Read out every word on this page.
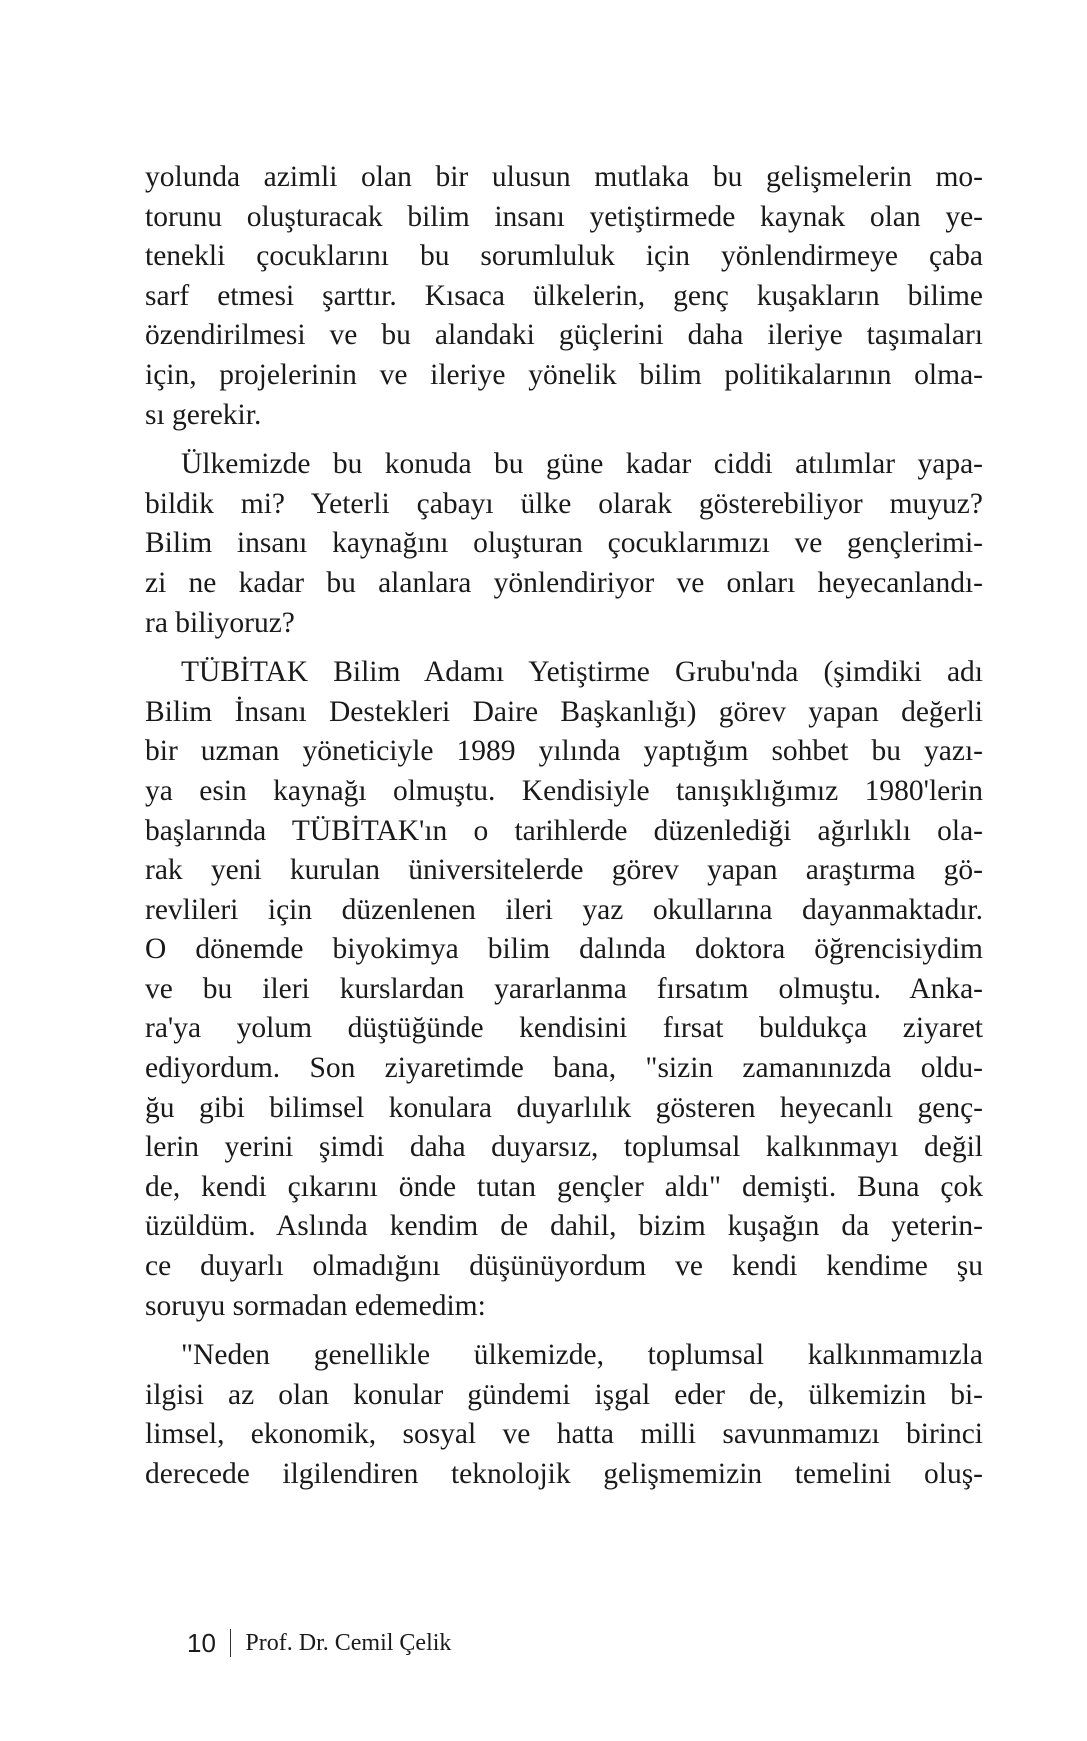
yolunda azimli olan bir ulusun mutlaka bu gelişmelerin mo-
torunu oluşturacak bilim insanı yetiştirmede kaynak olan ye-
tenekli çocuklarını bu sorumluluk için yönlendirmeye çaba
sarf etmesi şarttır. Kısaca ülkelerin, genç kuşakların bilime
özendirilmesi ve bu alandaki güçlerini daha ileriye taşımaları
için, projelerinin ve ileriye yönelik bilim politikalarının olma-
sı gerekir.
Ülkemizde bu konuda bu güne kadar ciddi atılımlar yapa-
bildik mi? Yeterli çabayı ülke olarak gösterebiliyor muyuz?
Bilim insanı kaynağını oluşturan çocuklarımızı ve gençlerimi-
zi ne kadar bu alanlara yönlendiriyor ve onları heyecanlandı-
ra biliyoruz?
TÜBİTAK Bilim Adamı Yetiştirme Grubu'nda (şimdiki adı
Bilim İnsanı Destekleri Daire Başkanlığı) görev yapan değerli
bir uzman yöneticiyle 1989 yılında yaptığım sohbet bu yazı-
ya esin kaynağı olmuştu. Kendisiyle tanışıklığımız 1980'lerin
başlarında TÜBİTAK'ın o tarihlerde düzenlediği ağırlıklı ola-
rak yeni kurulan üniversitelerde görev yapan araştırma gö-
revlileri için düzenlenen ileri yaz okullarına dayanmaktadır.
O dönemde biyokimya bilim dalında doktora öğrencisiydim
ve bu ileri kurslardan yararlanma fırsatım olmuştu. Anka-
ra'ya yolum düştüğünde kendisini fırsat buldukça ziyaret
ediyordum. Son ziyaretimde bana, "sizin zamanınızda oldu-
ğu gibi bilimsel konulara duyarlılık gösteren heyecanlı genç-
lerin yerini şimdi daha duyarsız, toplumsal kalkınmayı değil
de, kendi çıkarını önde tutan gençler aldı" demişti. Buna çok
üzüldüm. Aslında kendim de dahil, bizim kuşağın da yeterin-
ce duyarlı olmadığını düşünüyordum ve kendi kendime şu
soruyu sormadan edemedim:
"Neden genellikle ülkemizde, toplumsal kalkınmamızla
ilgisi az olan konular gündemi işgal eder de, ülkemizin bi-
limsel, ekonomik, sosyal ve hatta milli savunmamızı birinci
derecede ilgilendiren teknolojik gelişmemizin temelini oluş-
10 Prof. Dr. Cemil Çelik
